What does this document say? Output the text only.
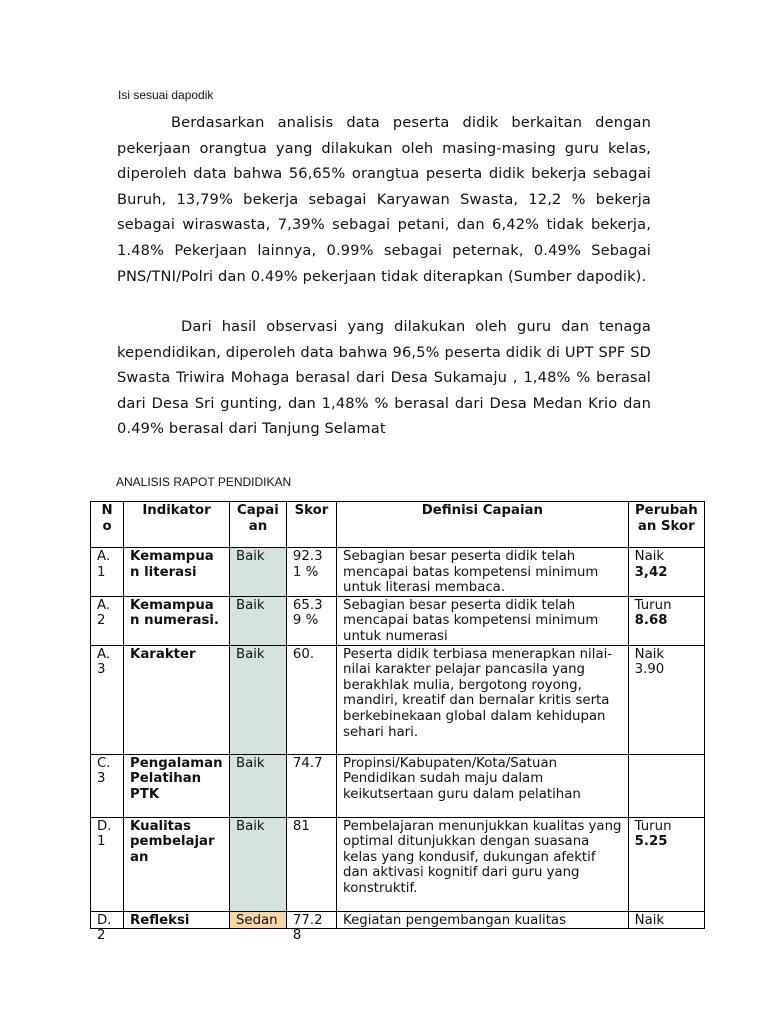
Isi sesuai dapodik

Berdasarkan analisis data peserta didik berkaitan dengan pekerjaan orangtua yang dilakukan oleh masing-masing guru kelas, diperoleh data bahwa 56,65% orangtua peserta didik bekerja sebagai Buruh, 13,79% bekerja sebagai Karyawan Swasta, 12,2 % bekerja sebagai wiraswasta, 7,39% sebagai petani, dan 6,42% tidak bekerja, 1.48% Pekerjaan lainnya, 0.99% sebagai peternak, 0.49% Sebagai PNS/TNI/Polri dan 0.49% pekerjaan tidak diterapkan (Sumber dapodik).

Dari hasil observasi yang dilakukan oleh guru dan tenaga kependidikan, diperoleh data bahwa 96,5% peserta didik di UPT SPF SD Swasta Triwira Mohaga berasal dari Desa Sukamaju , 1,48% % berasal dari Desa Sri gunting, dan 1,48% % berasal dari Desa Medan Krio dan 0.49% berasal dari Tanjung Selamat

ANALISIS RAPOT PENDIDIKAN
No	Indikator	Capaian	Skor	Definisi Capaian	Perubahan Skor
A.1	Kemampuan literasi	Baik	92.31 %	Sebagian besar peserta didik telah mencapai batas kompetensi minimum untuk literasi membaca.	Naik
3,42

A.2	Kemampuan numerasi.	Baik	65.39 %	Sebagian besar peserta didik telah mencapai batas kompetensi minimum untuk numerasi	Turun
8.68

A.3	Karakter	Baik	60.	Peserta didik terbiasa menerapkan nilai-nilai karakter pelajar pancasila yang berakhlak mulia, bergotong royong, mandiri, kreatif dan bernalar kritis serta berkebinekaan global dalam kehidupan sehari hari.	Naik
3.90

C.3	Pengalaman Pelatihan PTK	Baik	74.7	Propinsi/Kabupaten/Kota/Satuan Pendidikan sudah maju dalam keikutsertaan guru dalam pelatihan	

D.1	Kualitas pembelajaran	Baik	81	Pembelajaran menunjukkan kualitas yang optimal ditunjukkan dengan suasana kelas yang kondusif, dukungan afektif dan aktivasi kognitif dari guru yang konstruktif.	Turun
5.25

D.2	Refleksi	Sedan	77.28	Kegiatan pengembangan kualitas	Naik
